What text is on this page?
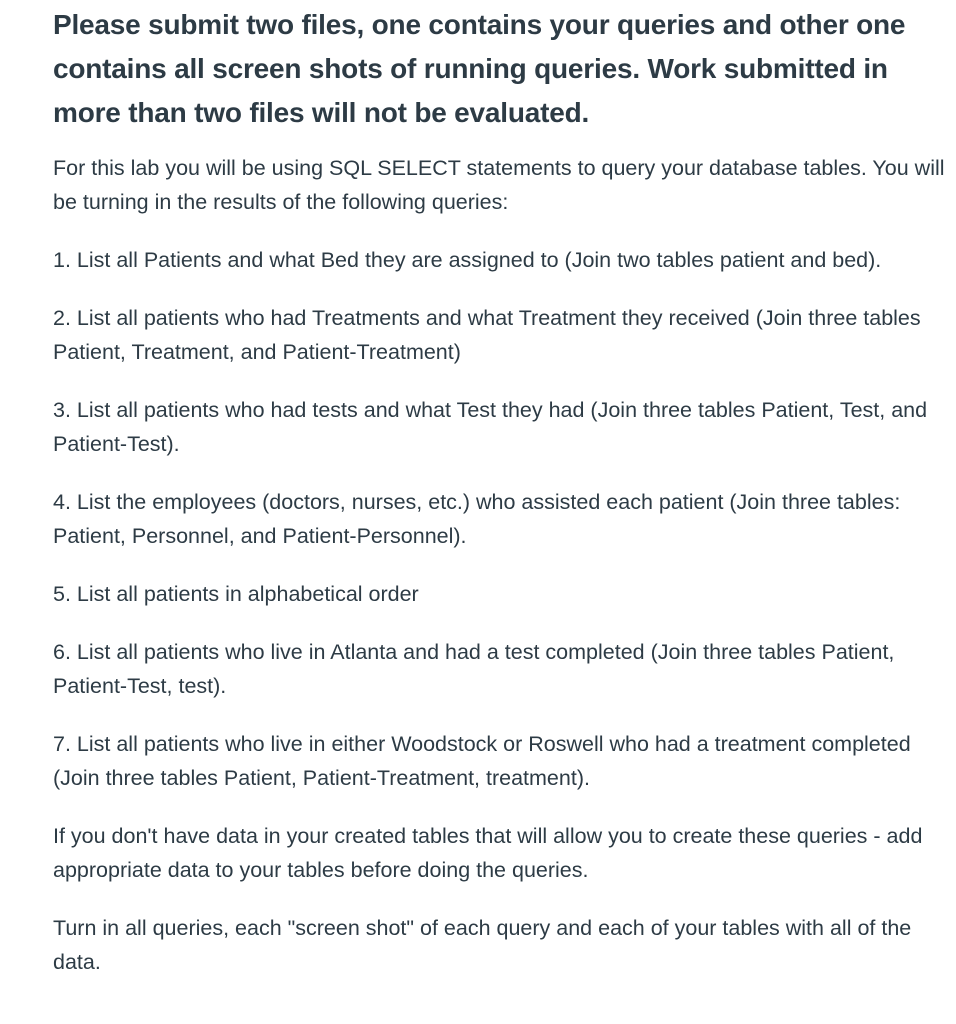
Please submit two files, one contains your queries and other one contains all screen shots of running queries. Work submitted in more than two files will not be evaluated.

For this lab you will be using SQL SELECT statements to query your database tables. You will be turning in the results of the following queries:

1. List all Patients and what Bed they are assigned to (Join two tables patient and bed).

2. List all patients who had Treatments and what Treatment they received (Join three tables Patient, Treatment, and Patient-Treatment)

3. List all patients who had tests and what Test they had (Join three tables Patient, Test, and Patient-Test).

4. List the employees (doctors, nurses, etc.) who assisted each patient (Join three tables: Patient, Personnel, and Patient-Personnel).

5. List all patients in alphabetical order

6. List all patients who live in Atlanta and had a test completed (Join three tables Patient, Patient-Test, test).

7. List all patients who live in either Woodstock or Roswell who had a treatment completed (Join three tables Patient, Patient-Treatment, treatment).

If you don't have data in your created tables that will allow you to create these queries - add appropriate data to your tables before doing the queries.

Turn in all queries, each "screen shot" of each query and each of your tables with all of the data.
